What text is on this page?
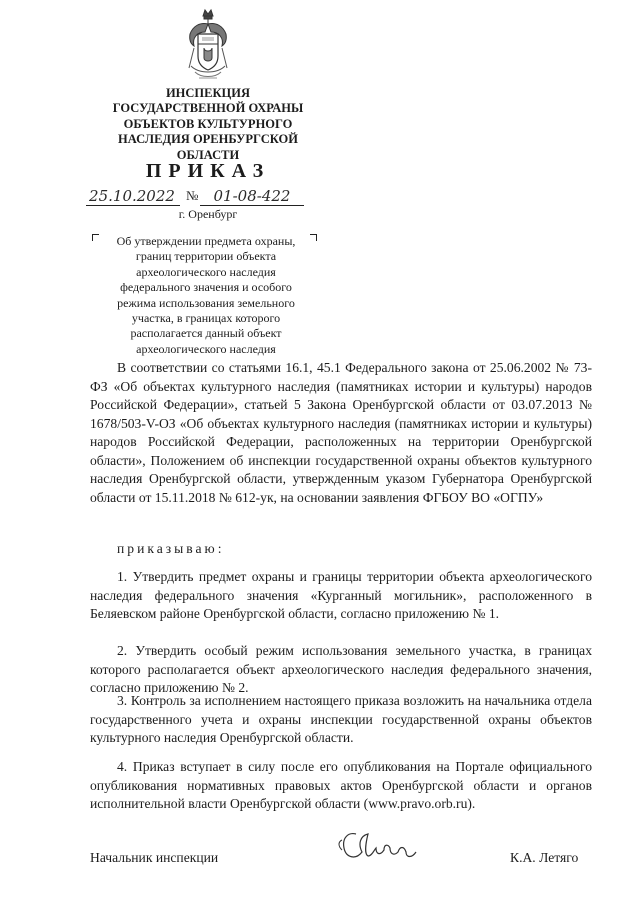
ИНСПЕКЦИЯ
ГОСУДАРСТВЕННОЙ ОХРАНЫ
ОБЪЕКТОВ КУЛЬТУРНОГО
НАСЛЕДИЯ ОРЕНБУРГСКОЙ
ОБЛАСТИ
ПРИКАЗ
25.10.2022 №	01-08-422
г. Оренбург
Об утверждении предмета охраны,
границ территории объекта
археологического наследия
федерального значения и особого
режима использования земельного
участка, в границах которого
располагается данный объект
археологического наследия
В соответствии со статьями 16.1, 45.1 Федерального закона от 25.06.2002 № 73-ФЗ «Об объектах культурного наследия (памятниках истории и культуры) народов Российской Федерации», статьей 5 Закона Оренбургской области от 03.07.2013 № 1678/503-V-ОЗ «Об объектах культурного наследия (памятниках истории и культуры) народов Российской Федерации, расположенных на территории Оренбургской области», Положением об инспекции государственной охраны объектов культурного наследия Оренбургской области, утвержденным указом Губернатора Оренбургской области от 15.11.2018 № 612-ук, на основании заявления ФГБОУ ВО «ОГПУ»
приказываю:
1. Утвердить предмет охраны и границы территории объекта археологического наследия федерального значения «Курганный могильник», расположенного в Беляевском районе Оренбургской области, согласно приложению № 1.
2. Утвердить особый режим использования земельного участка, в границах которого располагается объект археологического наследия федерального значения, согласно приложению № 2.
3. Контроль за исполнением настоящего приказа возложить на начальника отдела государственного учета и охраны инспекции государственной охраны объектов культурного наследия Оренбургской области.
4. Приказ вступает в силу после его опубликования на Портале официального опубликования нормативных правовых актов Оренбургской области и органов исполнительной власти Оренбургской области (www.pravo.orb.ru).
Начальник инспекции	К.А. Летяго
